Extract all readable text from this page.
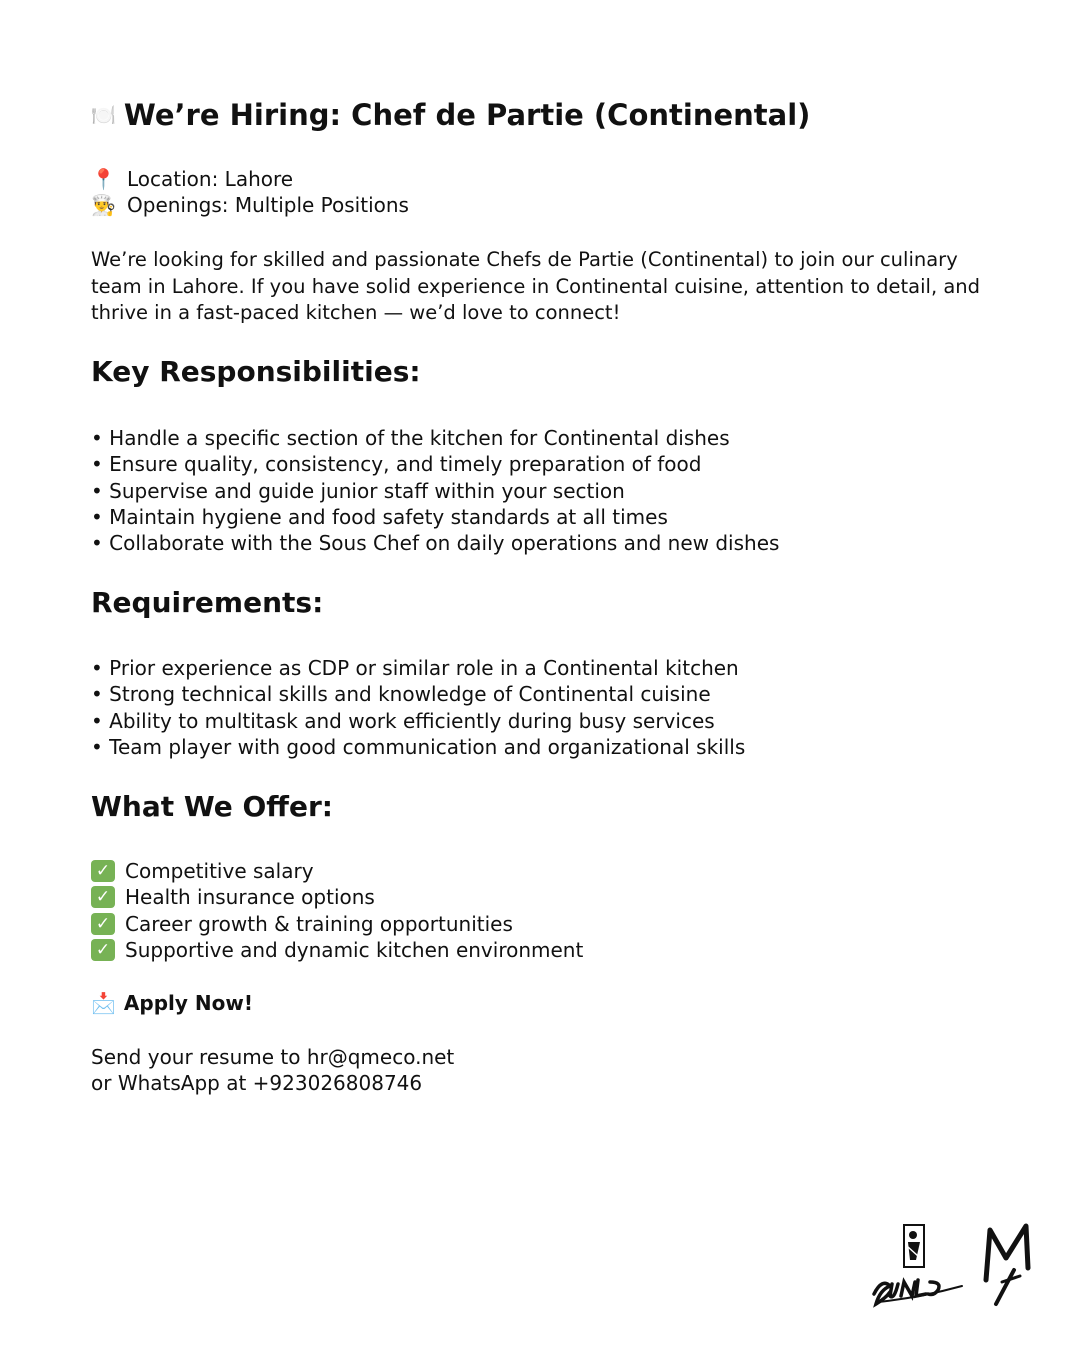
🍽️ We’re Hiring: Chef de Partie (Continental)
📍 Location: Lahore
👨‍🍳 Openings: Multiple Positions

We’re looking for skilled and passionate Chefs de Partie (Continental) to join our culinary team in Lahore. If you have solid experience in Continental cuisine, attention to detail, and thrive in a fast-paced kitchen — we’d love to connect!

Key Responsibilities:
• Handle a specific section of the kitchen for Continental dishes
• Ensure quality, consistency, and timely preparation of food
• Supervise and guide junior staff within your section
• Maintain hygiene and food safety standards at all times
• Collaborate with the Sous Chef on daily operations and new dishes
Requirements:
• Prior experience as CDP or similar role in a Continental kitchen
• Strong technical skills and knowledge of Continental cuisine
• Ability to multitask and work efficiently during busy services
• Team player with good communication and organizational skills
What We Offer:
✓ Competitive salary
✓ Health insurance options
✓ Career growth & training opportunities
✓ Supportive and dynamic kitchen environment
📩 Apply Now!
Send your resume to hr@qmeco.net
or WhatsApp at +923026808746
